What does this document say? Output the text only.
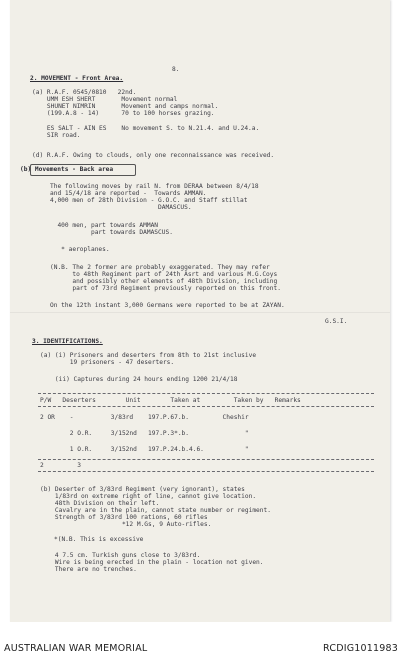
8.
2. MOVEMENT - Front Area.
(a) R.A.F. 0545/0810   22nd.
UMM ESH SHERT       Movement normal
SHUNET NIMRIN       Movement and camps normal.
(199.A.8 - 14)      70 to 100 horses grazing.
ES SALT - AIN ES    No movement S. to N.21.4. and U.24.a.
SIR road.
(d) R.A.F. Owing to clouds, only one reconnaissance was received.
(b) Movements - Back area
The following moves by rail N. from DERAA between 8/4/18
and 15/4/18 are reported -  Towards AMMAN.
4,000 men of 28th Division - G.O.C. and Staff stillat
DAMASCUS.
400 men, part towards AMMAN
part towards DAMASCUS.
* aeroplanes.
(N.B. The 2 former are probably exaggerated. They may refer
to 48th Regiment part of 24th Asrt and various M.G.Coys
and possibly other elements of 48th Division, including
part of 73rd Regiment previously reported on this front.
On the 12th instant 3,000 Germans were reported to be at ZAYAN.
G.S.I.
3. IDENTIFICATIONS.
(a) (i) Prisoners and deserters from 8th to 21st inclusive
19 prisoners - 47 deserters.
(ii) Captures during 24 hours ending 1200 21/4/18
P/W   Deserters        Unit        Taken at         Taken by   Remarks
2 OR    -          3/83rd    197.P.67.b.         Cheshir
2 O.R.     3/152nd   197.P.3*.b.               "
1 O.R.     3/152nd   197.P.24.b.4.6.           "
2         3
(b) Deserter of 3/83rd Regiment (very ignorant), states
1/83rd on extreme right of line, cannot give location.
48th Division on their left.
Cavalry are in the plain, cannot state number or regiment.
Strength of 3/83rd 100 rations, 60 rifles
*12 M.Gs, 9 Auto-rifles.
*(N.B. This is excessive
4 7.5 cm. Turkish guns close to 3/83rd.
Wire is being erected in the plain - location not given.
There are no trenches.
AUSTRALIAN WAR MEMORIAL	RCDIG1011983
